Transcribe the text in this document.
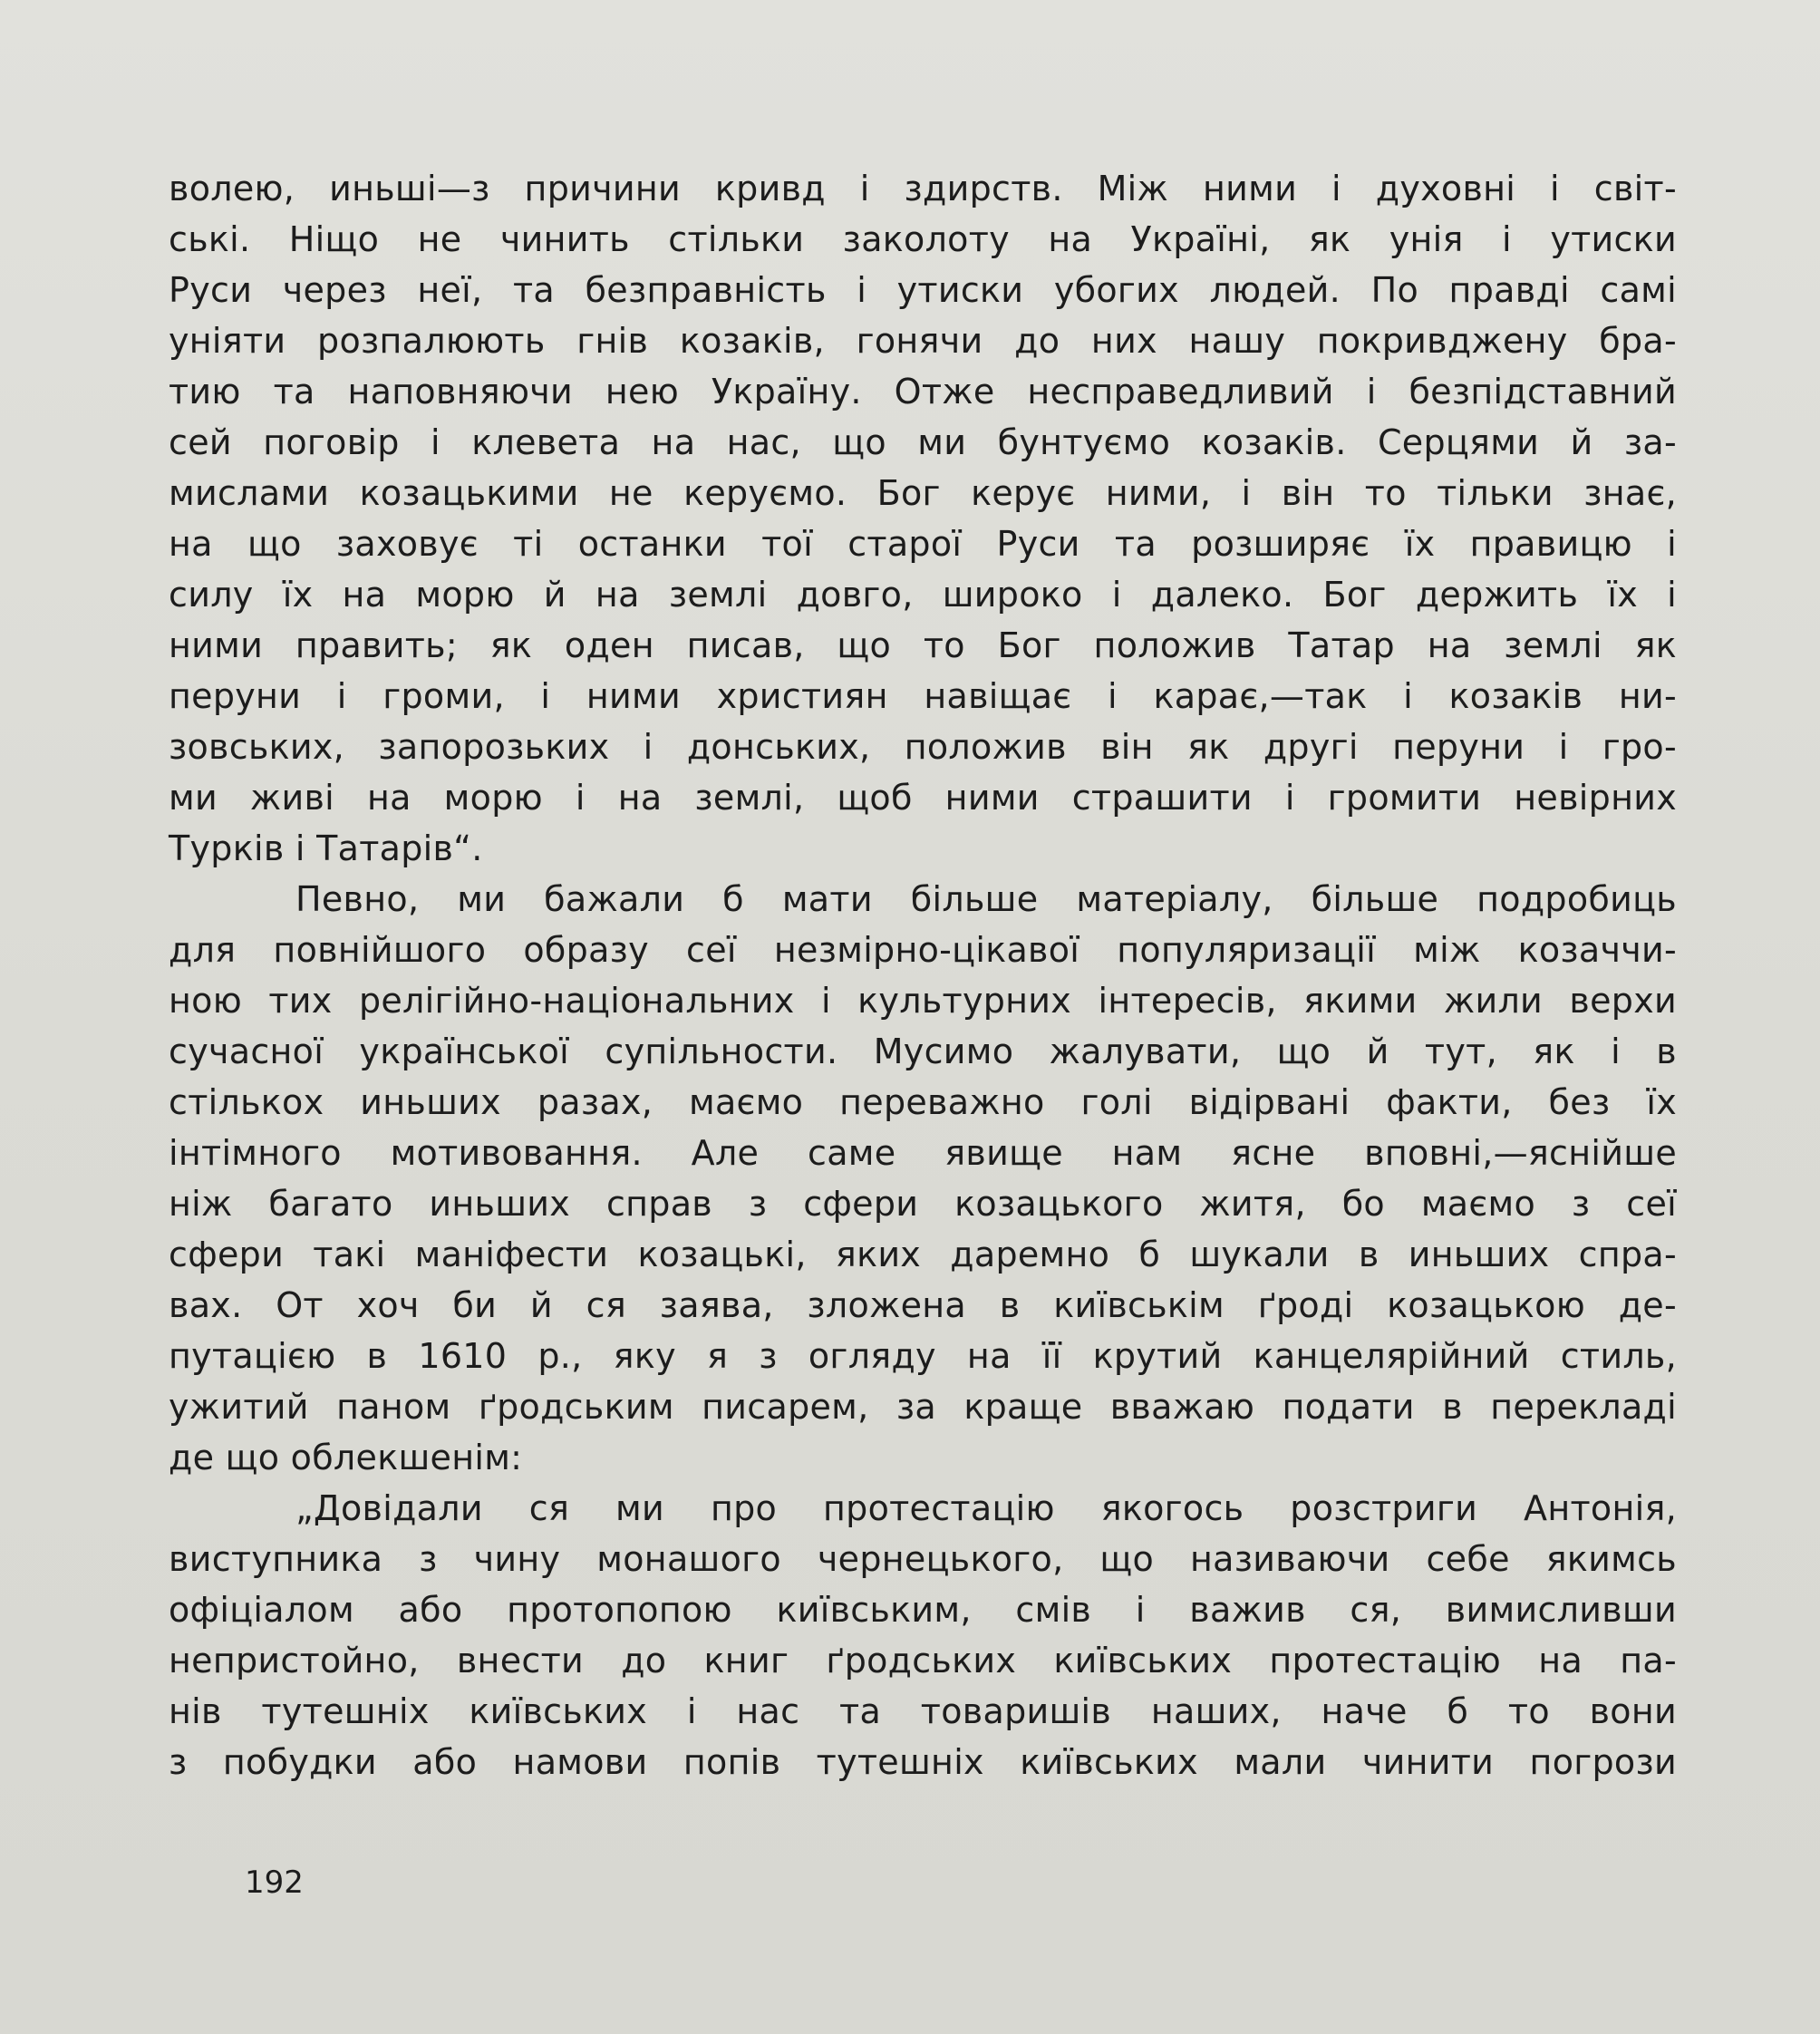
волею, иньші—з причини кривд і здирств. Між ними і духовні і світ-
ські. Ніщо не чинить стільки заколоту на Україні, як унія і утиски
Руси через неї, та безправність і утиски убогих людей. По правді самі
уніяти розпалюють гнів козаків, гонячи до них нашу покривджену бра-
тию та наповняючи нею Україну. Отже несправедливий і безпідставний
сей поговір і клевета на нас, що ми бунтуємо козаків. Серцями й за-
мислами козацькими не керуємо. Бог керує ними, і він то тільки знає,
на що заховує ті останки тої старої Руси та розширяє їх правицю і
силу їх на морю й на землі довго, широко і далеко. Бог держить їх і
ними править; як оден писав, що то Бог положив Татар на землі як
перуни і громи, і ними християн навіщає і карає,—так і козаків ни-
зовських, запорозьких і донських, положив він як другі перуни і гро-
ми живі на морю і на землі, щоб ними страшити і громити невірних
Турків і Татарів“.
Певно, ми бажали б мати більше матеріалу, більше подробиць
для повнійшого образу сеї незмірно-цікавої популяризації між козаччи-
ною тих релігійно-національних і культурних інтересів, якими жили верхи
сучасної української супільности. Мусимо жалувати, що й тут, як і в
стількох иньших разах, маємо переважно голі відірвані факти, без їх
інтімного мотивовання. Але саме явище нам ясне вповні,—яснійше
ніж багато иньших справ з сфери козацького житя, бо маємо з сеї
сфери такі маніфести козацькі, яких даремно б шукали в иньших спра-
вах. От хоч би й ся заява, зложена в київськім ґроді козацькою де-
путацією в 1610 р., яку я з огляду на її крутий канцелярійний стиль,
ужитий паном ґродським писарем, за краще вважаю подати в перекладі
де що облекшенім:
„Довідали ся ми про протестацію якогось розстриги Антонія,
виступника з чину монашого чернецького, що називаючи себе якимсь
офіціалом або протопопою київським, смів і важив ся, вимисливши
непристойно, внести до книг ґродських київських протестацію на па-
нів тутешніх київських і нас та товаришів наших, наче б то вони
з побудки або намови попів тутешніх київських мали чинити погрози
192
